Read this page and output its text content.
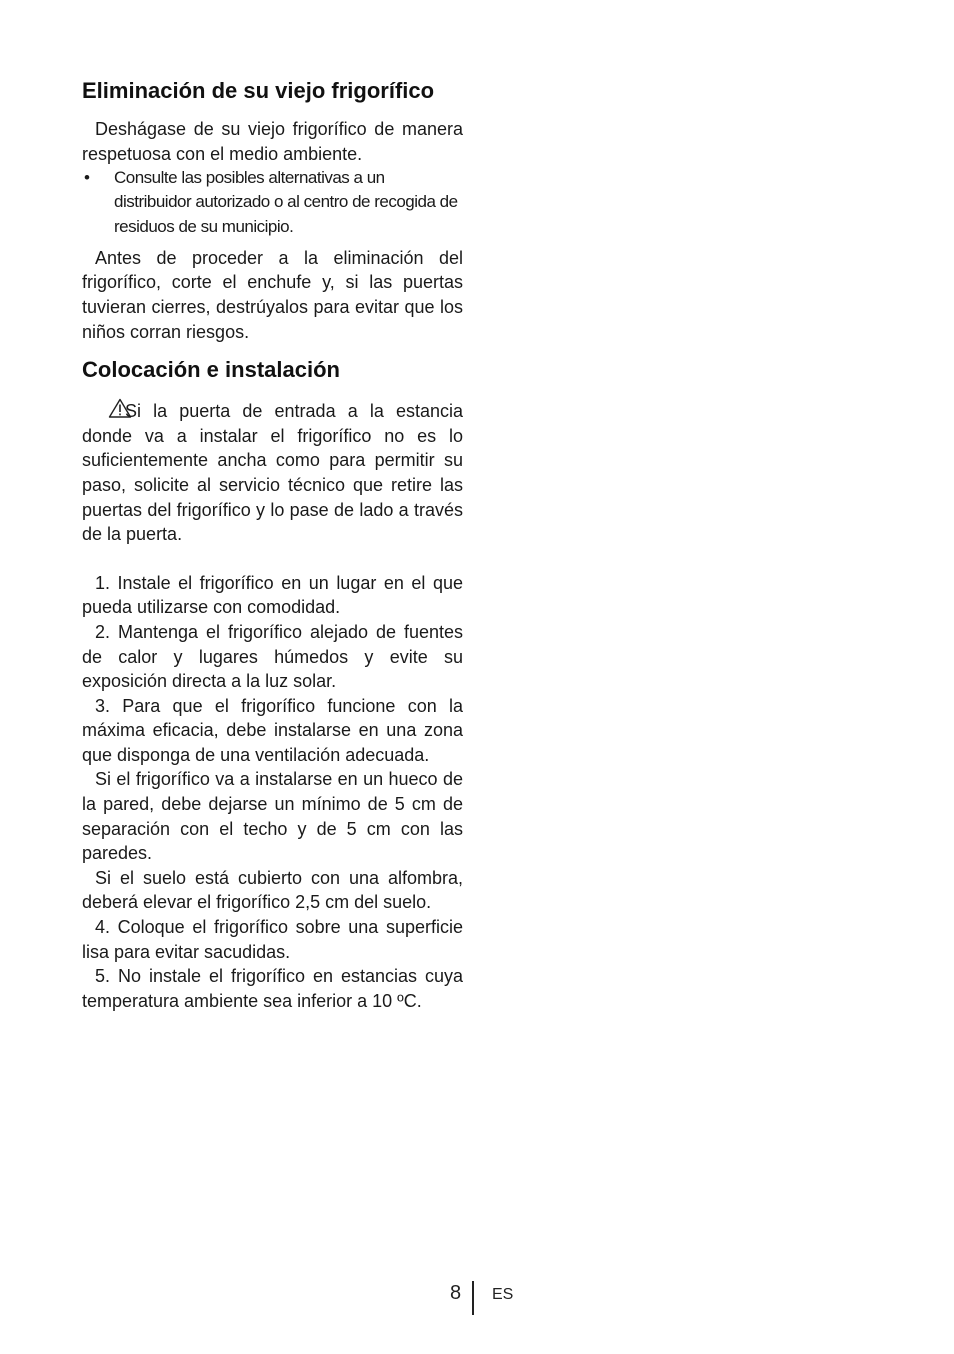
Eliminación de su viejo frigorífico

Deshágase de su viejo frigorífico de manera respetuosa con el medio ambiente.

•	Consulte las posibles alternativas a un distribuidor autorizado o al centro de recogida de residuos de su municipio.

Antes de proceder a la eliminación del frigorífico, corte el enchufe y, si las puertas tuvieran cierres, destrúyalos para evitar que los niños corran riesgos.

Colocación e instalación

Si la puerta de entrada a la estancia donde va a instalar el frigorífico no es lo suficientemente ancha como para permitir su paso, solicite al servicio técnico que retire las puertas del frigorífico y lo pase de lado a través de la puerta.

1. Instale el frigorífico en un lugar en el que pueda utilizarse con comodidad.

2. Mantenga el frigorífico alejado de fuentes de calor y lugares húmedos y evite su exposición directa a la luz solar.

3. Para que el frigorífico funcione con la máxima eficacia, debe instalarse en una zona que disponga de una ventilación adecuada.

Si el frigorífico va a instalarse en un hueco de la pared, debe dejarse un mínimo de 5 cm de separación con el techo y de 5 cm con las paredes.

Si el suelo está cubierto con una alfombra, deberá elevar el frigorífico 2,5 cm del suelo.

4. Coloque el frigorífico sobre una superficie lisa para evitar sacudidas.

5. No instale el frigorífico en estancias cuya temperatura ambiente sea inferior a 10 ºC.

8 ES
